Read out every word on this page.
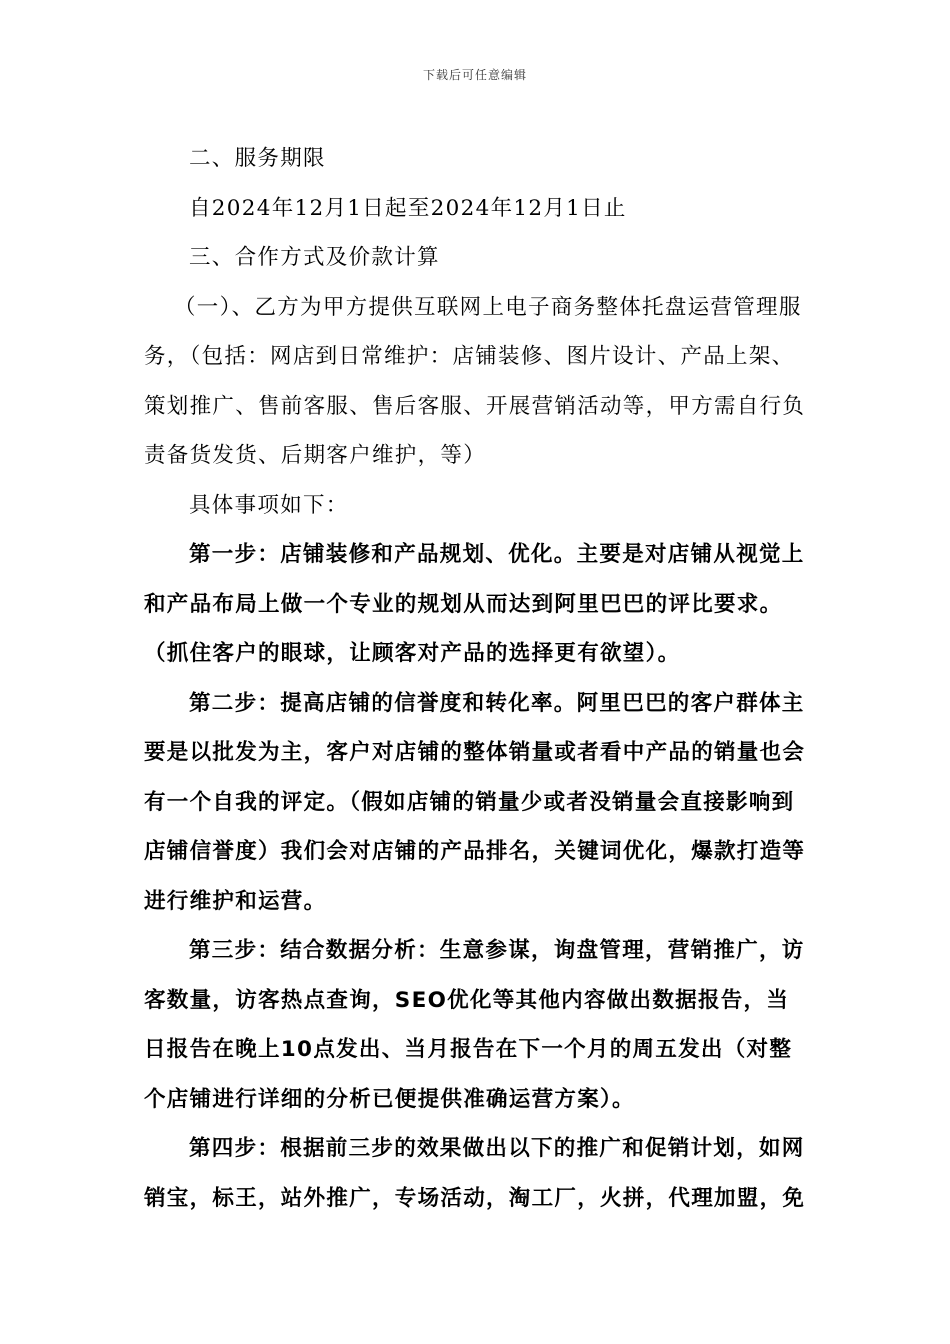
下载后可任意编辑

二、服务期限

自2024年12月1日起至2024年12月1日止

三、合作方式及价款计算

（一）、乙方为甲方提供互联网上电子商务整体托盘运营管理服务，（包括：网店到日常维护：店铺装修、图片设计、产品上架、策划推广、售前客服、售后客服、开展营销活动等，甲方需自行负责备货发货、后期客户维护，等）

具体事项如下：

第一步：店铺装修和产品规划、优化。主要是对店铺从视觉上和产品布局上做一个专业的规划从而达到阿里巴巴的评比要求。（抓住客户的眼球，让顾客对产品的选择更有欲望）。

第二步：提高店铺的信誉度和转化率。阿里巴巴的客户群体主要是以批发为主，客户对店铺的整体销量或者看中产品的销量也会有一个自我的评定。（假如店铺的销量少或者没销量会直接影响到店铺信誉度）我们会对店铺的产品排名，关键词优化，爆款打造等进行维护和运营。

第三步：结合数据分析：生意参谋，询盘管理，营销推广，访客数量，访客热点查询，SEO优化等其他内容做出数据报告，当日报告在晚上10点发出、当月报告在下一个月的周五发出（对整个店铺进行详细的分析已便提供准确运营方案）。

第四步：根据前三步的效果做出以下的推广和促销计划，如网销宝，标王，站外推广，专场活动，淘工厂，火拼，代理加盟，免
